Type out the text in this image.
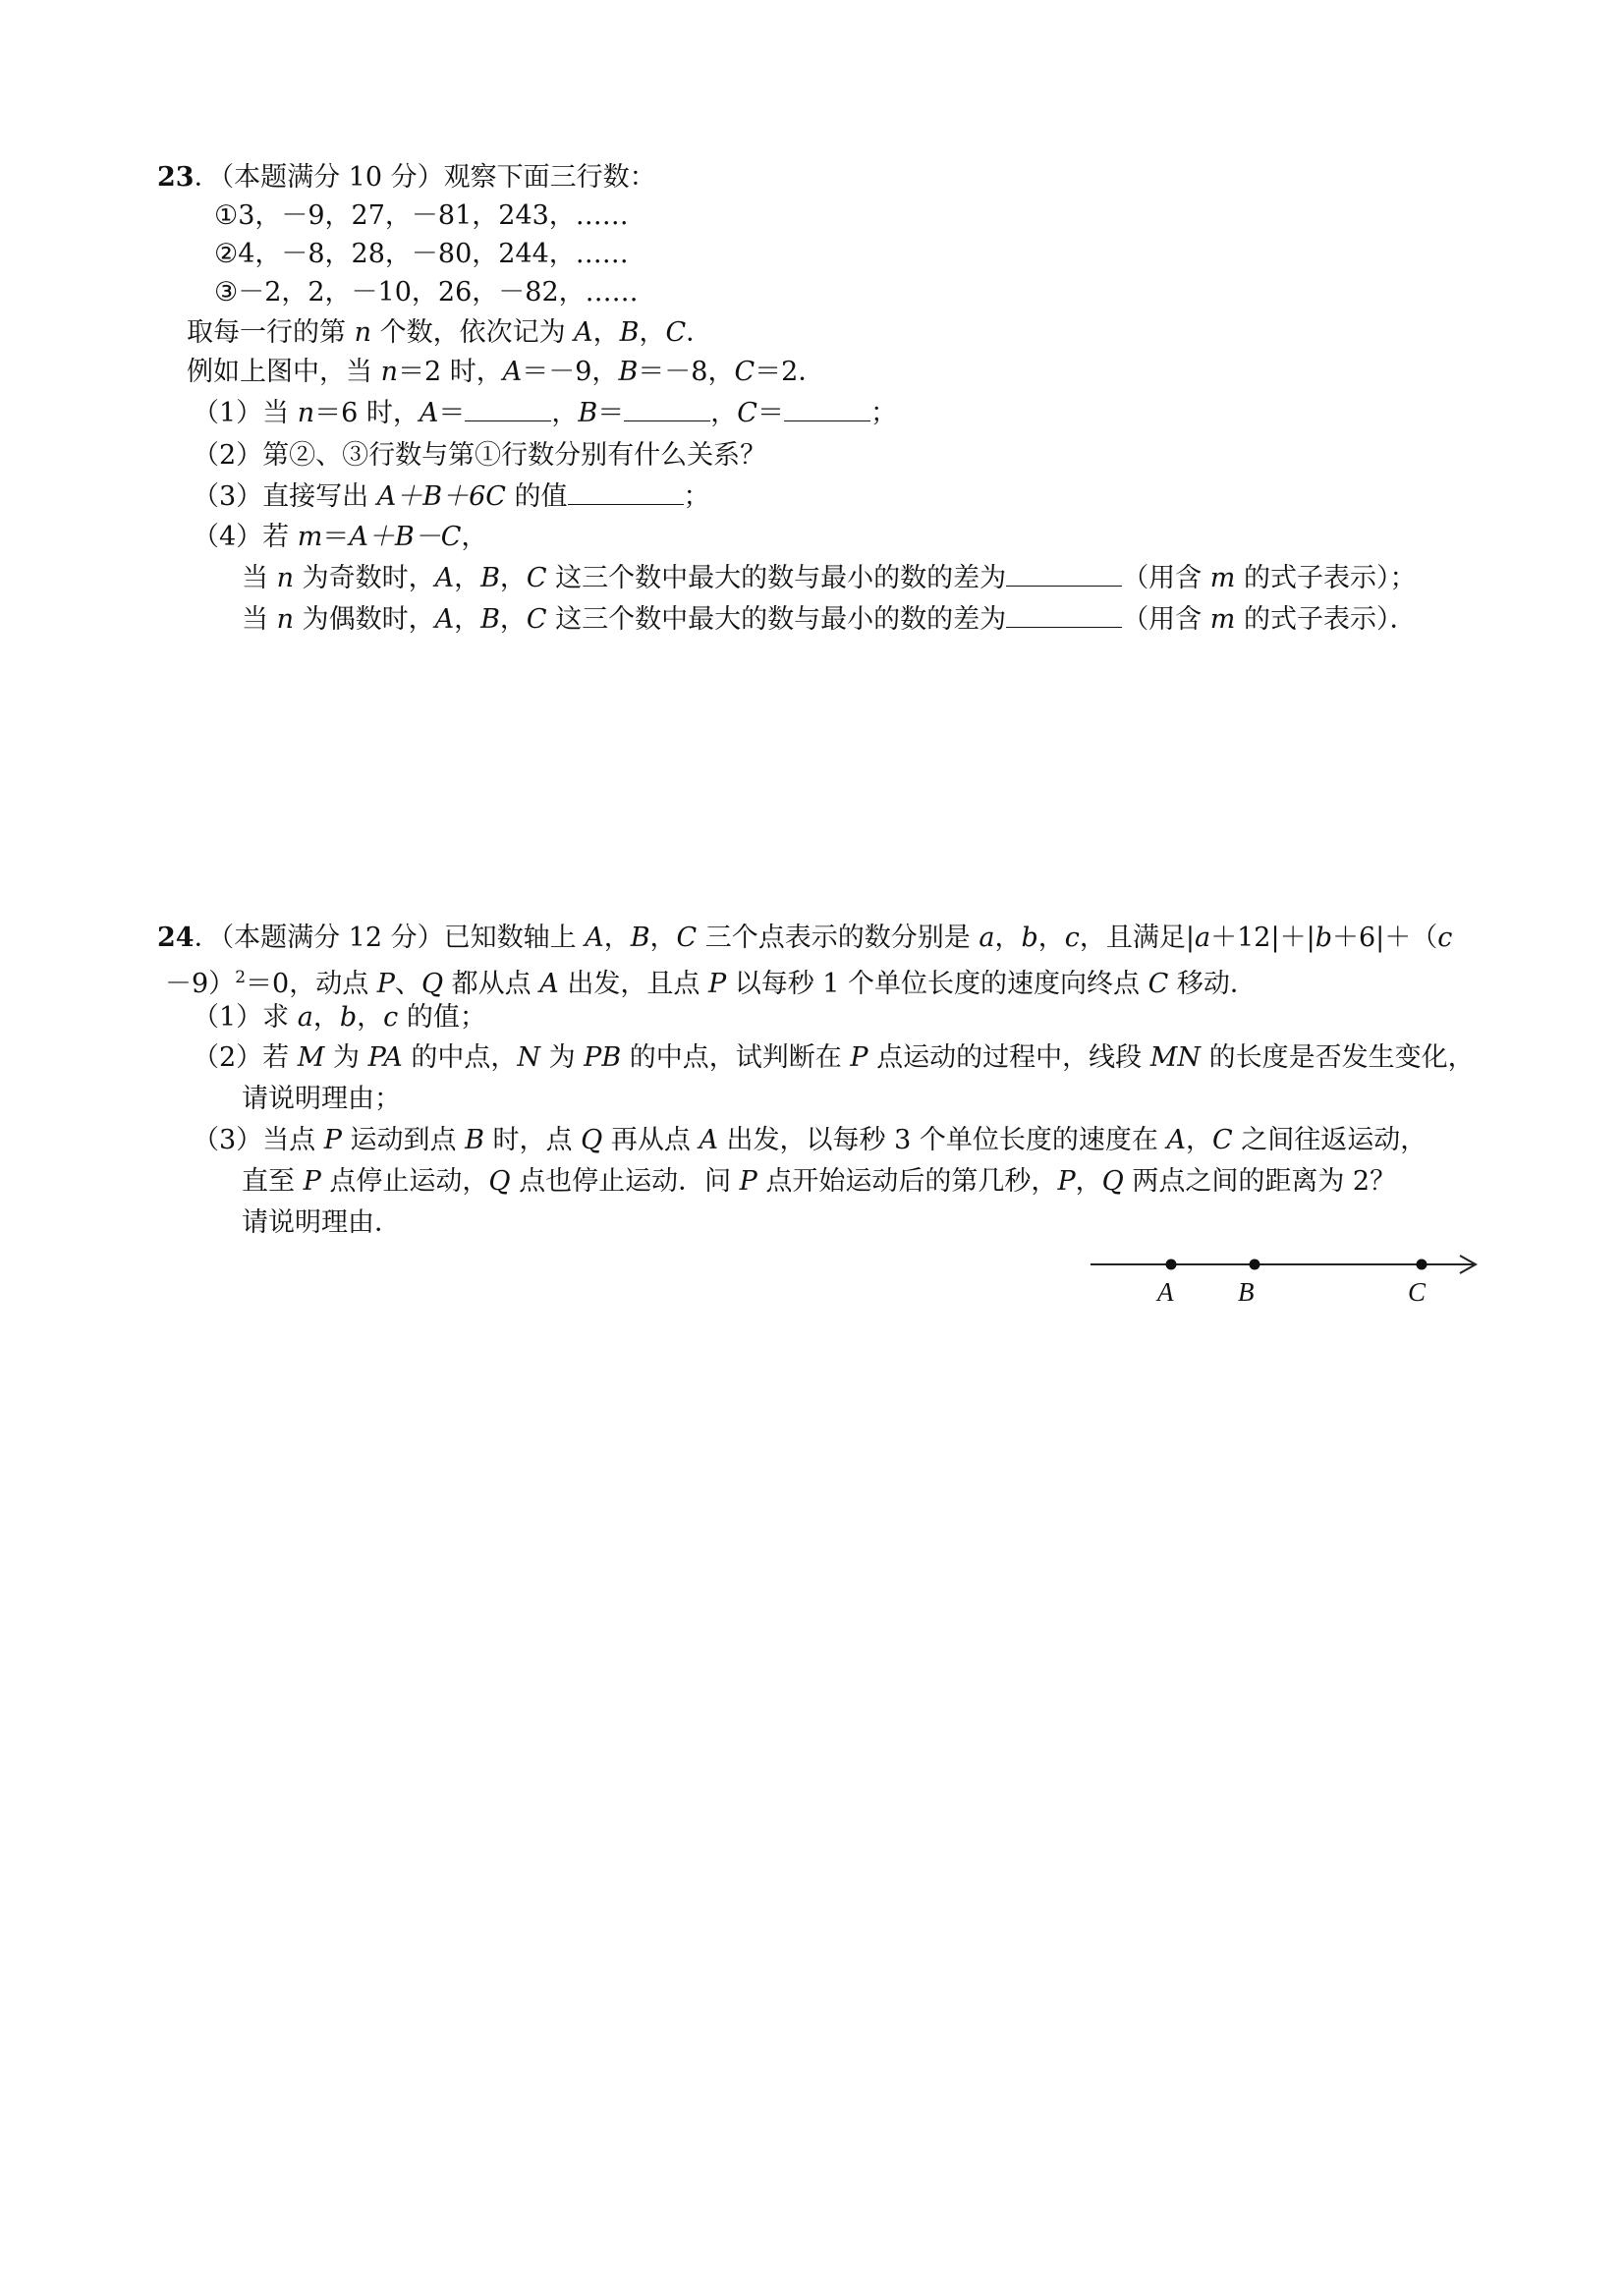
23．（本题满分 10 分）观察下面三行数：
①3，－9，27，－81，243，……
②4，－8，28，－80，244，……
③－2，2，－10，26，－82，……
取每一行的第 n 个数，依次记为 A，B，C．
例如上图中，当 n＝2 时，A＝－9，B＝－8，C＝2．
（1）当 n＝6 时，A＝	，B＝	，C＝	；
（2）第②、③行数与第①行数分别有什么关系？
（3）直接写出 A＋B＋6C 的值	；
（4）若 m＝A＋B－C，
当 n 为奇数时，A，B，C 这三个数中最大的数与最小的数的差为	（用含 m 的式子表示）；
当 n 为偶数时，A，B，C 这三个数中最大的数与最小的数的差为	（用含 m 的式子表示）．
24．（本题满分 12 分）已知数轴上 A，B，C 三个点表示的数分别是 a，b，c，且满足|a＋12|＋|b＋6|＋（c
－9）$^2$＝0，动点 P、Q 都从点 A 出发，且点 P 以每秒 1 个单位长度的速度向终点 C 移动．
（1）求 a，b，c 的值；
（2）若 M 为 PA 的中点，N 为 PB 的中点，试判断在 P 点运动的过程中，线段 MN 的长度是否发生变化，
请说明理由；
（3）当点 P 运动到点 B 时，点 Q 再从点 A 出发，以每秒 3 个单位长度的速度在 A，C 之间往返运动，
直至 P 点停止运动，Q 点也停止运动．问 P 点开始运动后的第几秒，P，Q 两点之间的距离为 2？
请说明理由．
A B	C
